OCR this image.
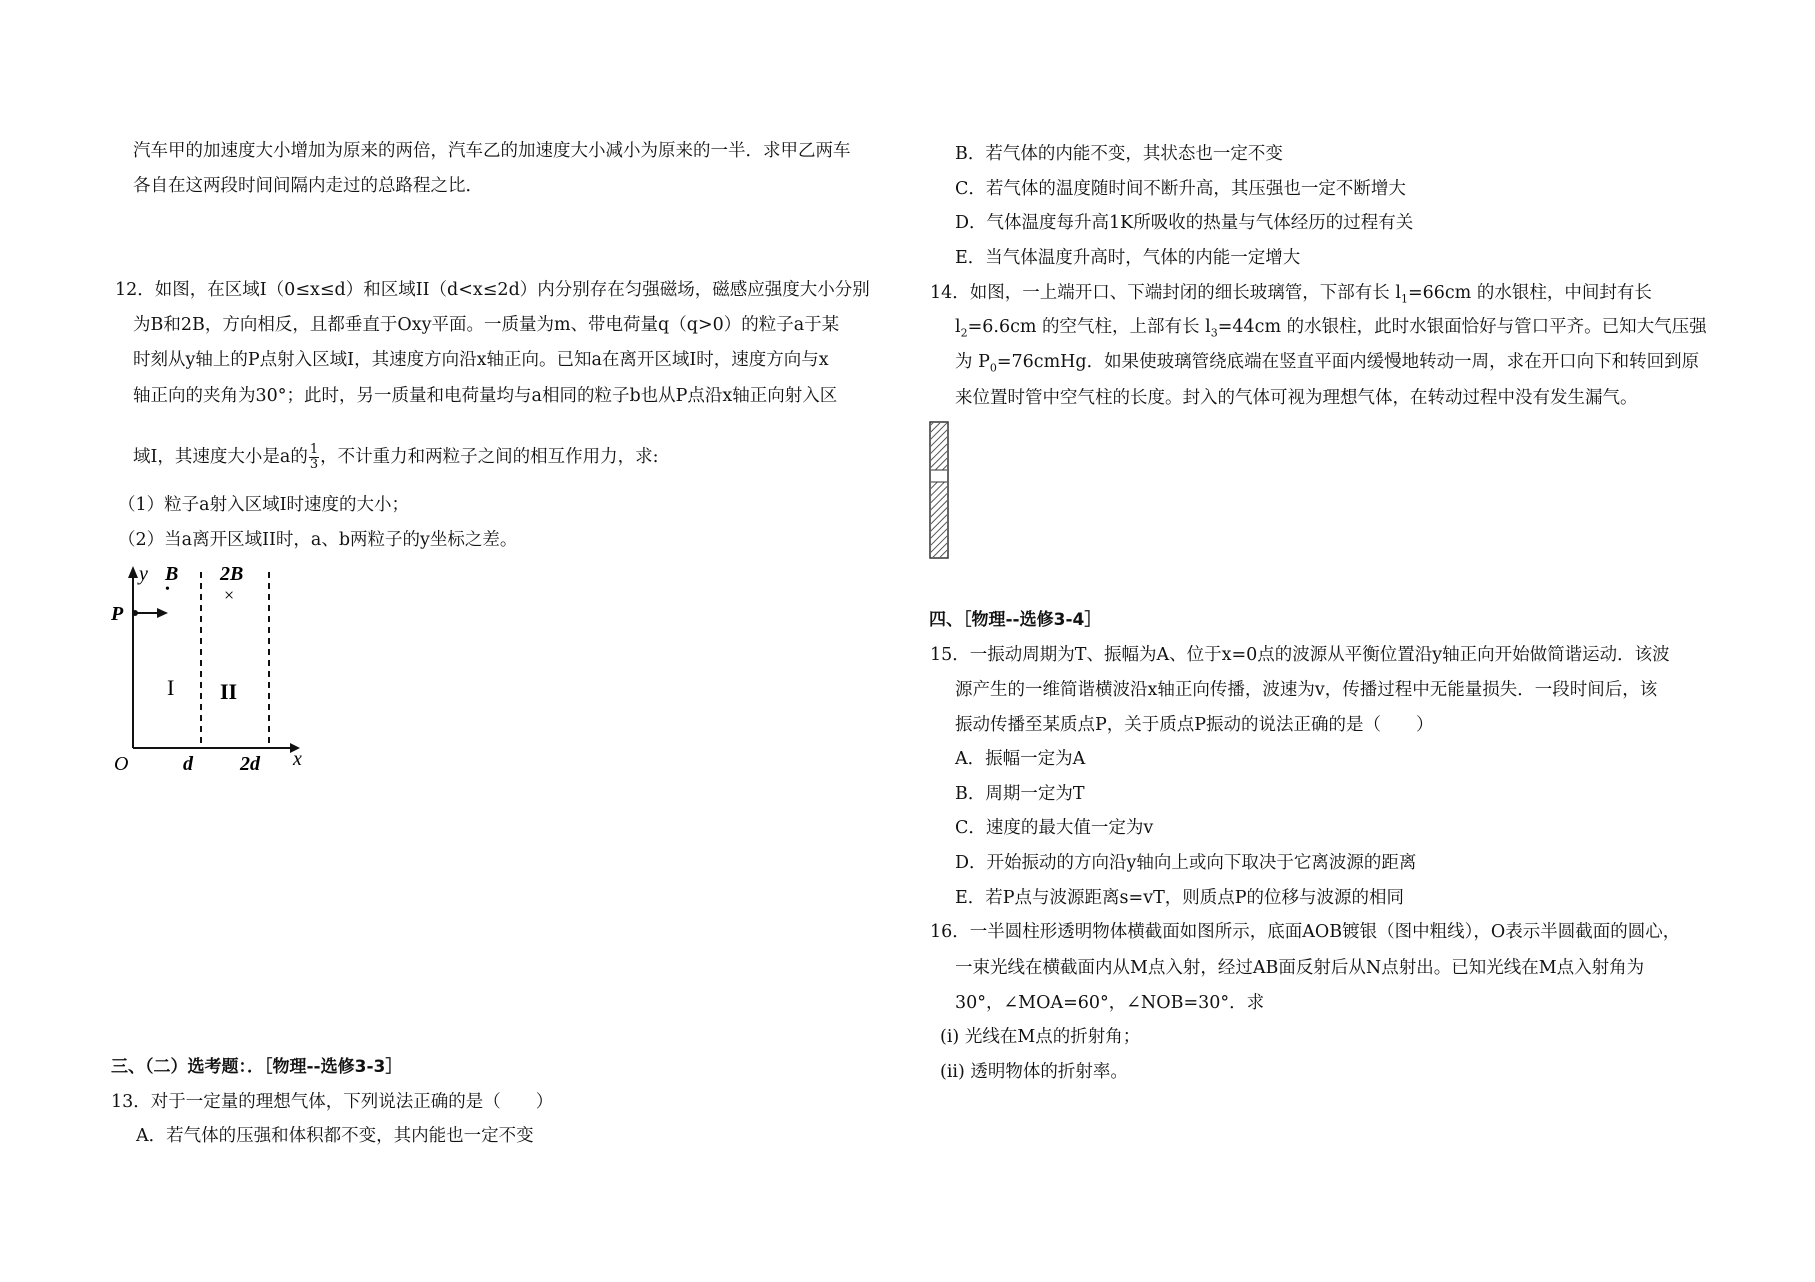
汽车甲的加速度大小增加为原来的两倍，汽车乙的加速度大小减小为原来的一半．求甲乙两车
各自在这两段时间间隔内走过的总路程之比．
12．如图，在区域I（0≤x≤d）和区域II（d<x≤2d）内分别存在匀强磁场，磁感应强度大小分别
为B和2B，方向相反，且都垂直于Oxy平面。一质量为m、带电荷量q（q>0）的粒子a于某
时刻从y轴上的P点射入区域I，其速度方向沿x轴正向。已知a在离开区域I时，速度方向与x
轴正向的夹角为30°；此时，另一质量和电荷量均与a相同的粒子b也从P点沿x轴正向射入区
域I，其速度大小是a的 $\frac{1}{3}$ ，不计重力和两粒子之间的相互作用力，求:
（1）粒子a射入区域I时速度的大小；
（2）当a离开区域II时，a、b两粒子的y坐标之差。
y
x
O
P
B 2B
×
•
I II
d 2d
三、（二）选考题：．［物理--选修3-3］
13．对于一定量的理想气体，下列说法正确的是（　　）
A．若气体的压强和体积都不变，其内能也一定不变
B．若气体的内能不变，其状态也一定不变
C．若气体的温度随时间不断升高，其压强也一定不断增大
D．气体温度每升高1K所吸收的热量与气体经历的过程有关
E．当气体温度升高时，气体的内能一定增大
14．如图，一上端开口、下端封闭的细长玻璃管，下部有长 $l_1=66cm$ 的水银柱，中间封有长
$l_2=6.6cm$ 的空气柱，上部有长 $l_3=44cm$ 的水银柱，此时水银面恰好与管口平齐。已知大气压强
为 $P_0=76cmHg$．如果使玻璃管绕底端在竖直平面内缓慢地转动一周，求在开口向下和转回到原
来位置时管中空气柱的长度。封入的气体可视为理想气体，在转动过程中没有发生漏气。
四、［物理--选修3-4］
15．一振动周期为T、振幅为A、位于x=0点的波源从平衡位置沿y轴正向开始做简谐运动．该波
源产生的一维简谐横波沿x轴正向传播，波速为v，传播过程中无能量损失．一段时间后，该
振动传播至某质点P，关于质点P振动的说法正确的是（　　）
A．振幅一定为A
B．周期一定为T
C．速度的最大值一定为v
D．开始振动的方向沿y轴向上或向下取决于它离波源的距离
E．若P点与波源距离s=vT，则质点P的位移与波源的相同
16．一半圆柱形透明物体横截面如图所示，底面AOB镀银（图中粗线），O表示半圆截面的圆心，
一束光线在横截面内从M点入射，经过AB面反射后从N点射出。已知光线在M点入射角为
30°，∠MOA=60°，∠NOB=30°．求
(i) 光线在M点的折射角；
(ii) 透明物体的折射率。
